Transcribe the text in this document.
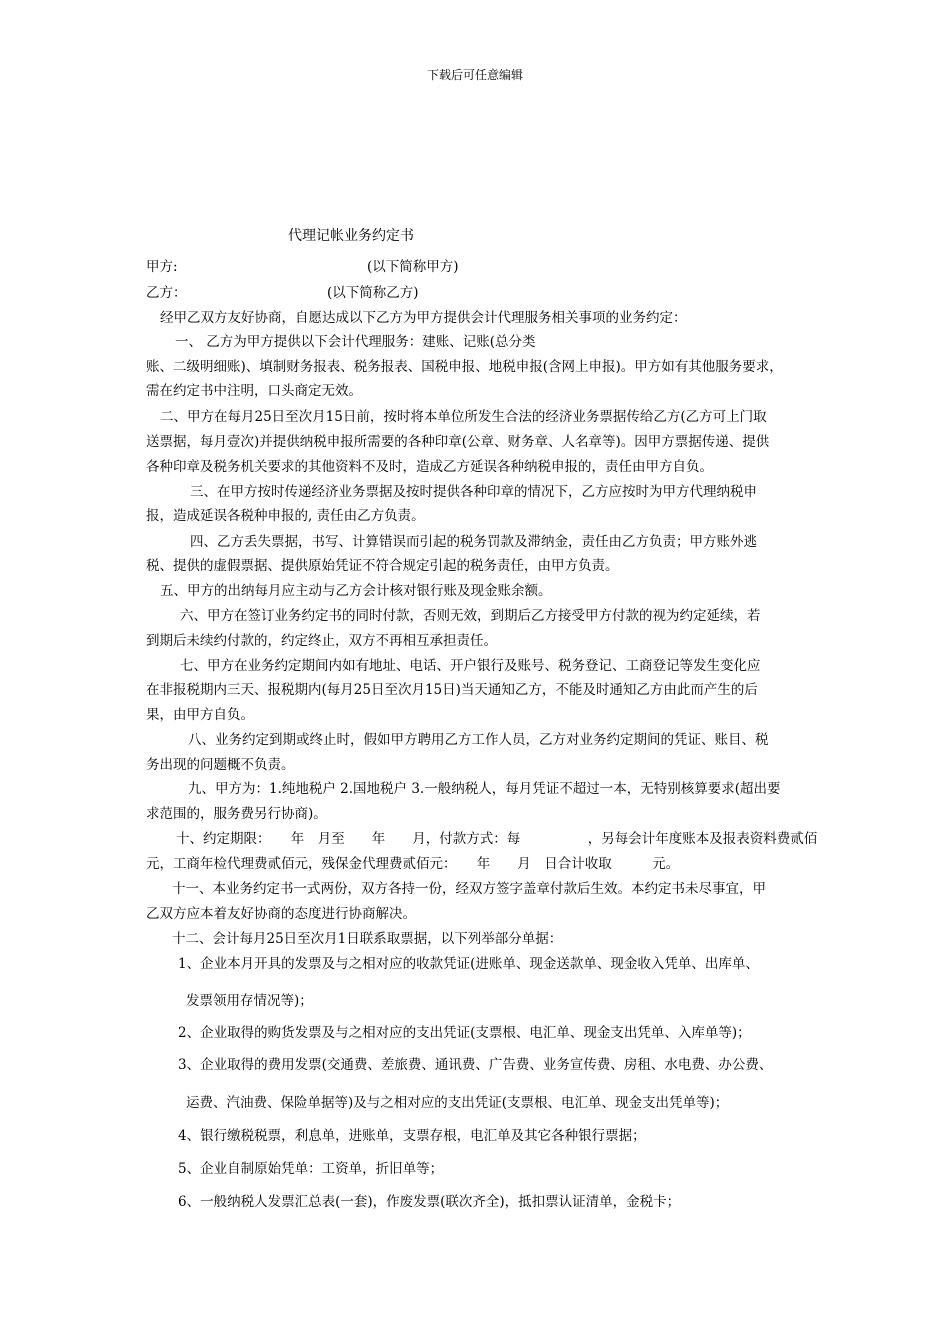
下载后可任意编辑
代理记帐业务约定书
甲方:	(以下简称甲方)
乙方：	(以下简称乙方)
经甲乙双方友好协商，自愿达成以下乙方为甲方提供会计代理服务相关事项的业务约定：
一、 乙方为甲方提供以下会计代理服务：建账、记账(总分类
账、二级明细账)、填制财务报表、税务报表、国税申报、地税申报(含网上申报)。甲方如有其他服务要求，
需在约定书中注明，口头商定无效。
二、甲方在每月25日至次月15日前，按时将本单位所发生合法的经济业务票据传给乙方(乙方可上门取
送票据，每月壹次)并提供纳税申报所需要的各种印章(公章、财务章、人名章等)。因甲方票据传递、提供
各种印章及税务机关要求的其他资料不及时，造成乙方延误各种纳税申报的，责任由甲方自负。
三、在甲方按时传递经济业务票据及按时提供各种印章的情况下，乙方应按时为甲方代理纳税申
报，造成延误各税种申报的, 责任由乙方负责。
四、乙方丢失票据，书写、计算错误而引起的税务罚款及滞纳金，责任由乙方负责；甲方账外逃
税、提供的虚假票据、提供原始凭证不符合规定引起的税务责任，由甲方负责。
五、甲方的出纳每月应主动与乙方会计核对银行账及现金账余额。
六、甲方在签订业务约定书的同时付款，否则无效，到期后乙方接受甲方付款的视为约定延续，若
到期后未续约付款的，约定终止，双方不再相互承担责任。
七、甲方在业务约定期间内如有地址、电话、开户银行及账号、税务登记、工商登记等发生变化应
在非报税期内三天、报税期内(每月25日至次月15日)当天通知乙方，不能及时通知乙方由此而产生的后
果，由甲方自负。
八、业务约定到期或终止时，假如甲方聘用乙方工作人员，乙方对业务约定期间的凭证、账目、税
务出现的问题概不负责。
九、甲方为：1.纯地税户 2.国地税户 3.一般纳税人，每月凭证不超过一本，无特别核算要求(超出要
求范围的，服务费另行协商)。
十、约定期限：　　年　月至　　年　　月，付款方式：每　　　　　，另每会计年度账本及报表资料费贰佰
元，工商年检代理费贰佰元，残保金代理费贰佰元：　　年　　月　日合计收取　　　元。
十一、本业务约定书一式两份，双方各持一份，经双方签字盖章付款后生效。本约定书未尽事宜，甲
乙双方应本着友好协商的态度进行协商解决。
十二、会计每月25日至次月1日联系取票据，以下列举部分单据：
1、企业本月开具的发票及与之相对应的收款凭证(进账单、现金送款单、现金收入凭单、出库单、
发票领用存情况等)；
2、企业取得的购货发票及与之相对应的支出凭证(支票根、电汇单、现金支出凭单、入库单等)；
3、企业取得的费用发票(交通费、差旅费、通讯费、广告费、业务宣传费、房租、水电费、办公费、
运费、汽油费、保险单据等)及与之相对应的支出凭证(支票根、电汇单、现金支出凭单等)；
4、银行缴税税票，利息单，进账单，支票存根，电汇单及其它各种银行票据；
5、企业自制原始凭单：工资单，折旧单等；
6、一般纳税人发票汇总表(一套)，作废发票(联次齐全)，抵扣票认证清单，金税卡；
